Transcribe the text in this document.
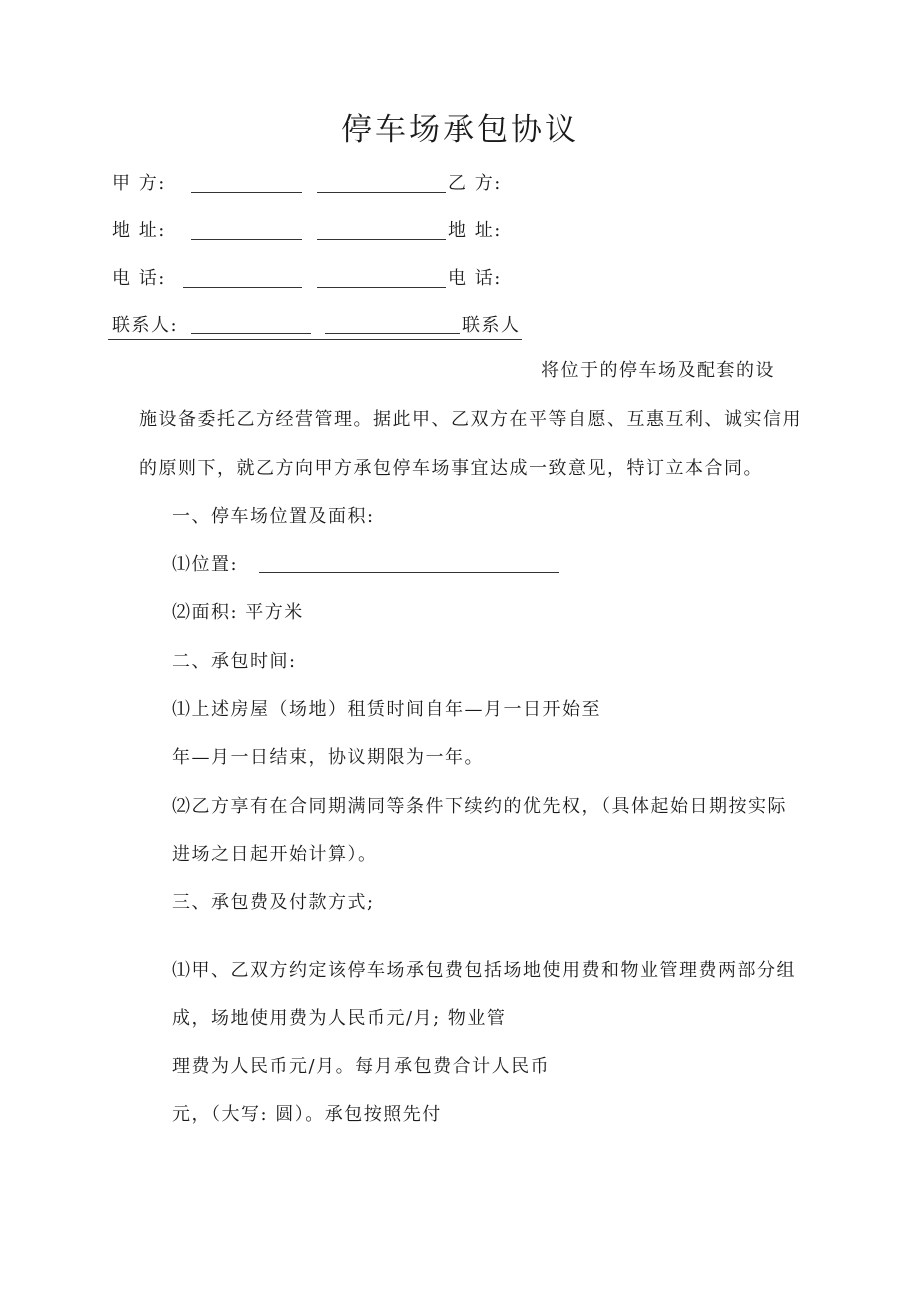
停车场承包协议
甲 方:	乙 方:
地 址:	地 址:
电 话:	电 话:
联系人:	联系人
将位于的停车场及配套的设
施设备委托乙方经营管理。据此甲、乙双方在平等自愿、互惠互利、诚实信用
的原则下，就乙方向甲方承包停车场事宜达成一致意见，特订立本合同。
一、停车场位置及面积:
⑴位置:
⑵面积: 平方米
二、承包时间:
⑴上述房屋（场地）租赁时间自年—月一日开始至
年—月一日结束，协议期限为一年。
⑵乙方享有在合同期满同等条件下续约的优先权，（具体起始日期按实际
进场之日起开始计算）。
三、承包费及付款方式;
⑴甲、乙双方约定该停车场承包费包括场地使用费和物业管理费两部分组
成，场地使用费为人民币元/月; 物业管
理费为人民币元/月。每月承包费合计人民币
元，（大写: 圆）。承包按照先付
